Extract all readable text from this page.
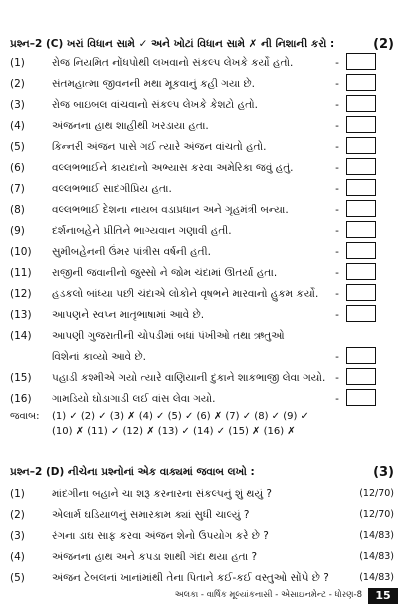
પ્રશ્ન–2 (C) ખરાં વિધાન સામે ✓ અને ખોટાં વિધાન સામે ✗ ની નિશાની કરો :	(2)
(1)	રોજ નિયમિત નોંધપોથી લખવાનો સંકલ્પ લેખકે કર્યો હતો.	-
(2)	સંતમહાત્મા જીવનની મથા મૂકવાનું કહી ગયા છે.	-
(3)	રોજ બાઇબલ વાંચવાનો સંકલ્પ લેખકે કેશટો હતો.	-
(4)	અંજનના હાથ શાહીથી ખરડાયા હતા.	-
(5)	કિન્નરી અંજન પાસે ગઈ ત્યારે અંજન વાંચતો હતો.	-
(6)	વલ્લભભાઈને કાયદાનો અભ્યાસ કરવા અમેરિકા જવું હતું.	-
(7)	વલ્લભભાઈ સાદગીપ્રિય હતા.	-
(8)	વલ્લભભાઈ દેશના નાયબ વડાપ્રધાન અને ગૃહમંત્રી બન્યા.	-
(9)	દર્શનાબહેને પ્રીતિને ભાગ્યવાન ગણાવી હતી.	-
(10)	સુમીબહેનની ઉંમર પાંત્રીસ વર્ષની હતી.	-
(11)	રાજીની જવાનીનો જુસ્સો ને જોમ ચંદામાં ઊતર્યા હતા.	-
(12)	હડકલો બાંધ્યા પછી ચંદાએ લોકોને વૃષભને મારવાનો હુકમ કર્યો.	-
(13)	આપણને સ્વપ્ન માતૃભાષામાં આવે છે.	-
(14)	આપણી ગુજરાતીની ચોપડીમાં બધાં પંખીઓ તથા ઋતુઓ
વિશેનાં કાવ્યો આવે છે.	-
(15)	પહાડી કશ્મીએ ગયો ત્યારે વાણિયાની દુકાને શાકભાજી લેવા ગયો. -
(16)	ગામડિયો ઘોડાગાડી લઈ વાંસ લેવા ગયો.	-
જવાબ: (1) ✓ (2) ✓ (3) ✗ (4) ✓ (5) ✓ (6) ✗ (7) ✓ (8) ✓ (9) ✓
(10) ✗ (11) ✓ (12) ✗ (13) ✓ (14) ✓ (15) ✗ (16) ✗
પ્રશ્ન–2 (D) નીચેના પ્રશ્નોનાં એક વાક્યમાં જવાબ લખો :	(3)
(1)	માંદગીના બહાને ચા શરૂ કરનારના સંકલ્પનું શું થયું ?	(12/70)
(2)	એલાર્મ ઘડિયાળનું સમારકામ ક્યાં સુધી ચાલ્યું ?	(12/70)
(3)	રંગના ડાઘ સાફ કરવા અંજન શેનો ઉપયોગ કરે છે ?	(14/83)
(4)	અંજનના હાથ અને કપડા શાથી ગંદા થયા હતા ?	(14/83)
(5)	અંજન ટેબલનાં ખાનાંમાંથી તેના પિતાને કઈ-કઈ વસ્તુઓ સોંપે છે ?	(14/83)
અલકા - વાર્ષિક મૂલ્યાંકનાસી - એસાઇનમેન્ટ - ધોરણ-8	15
